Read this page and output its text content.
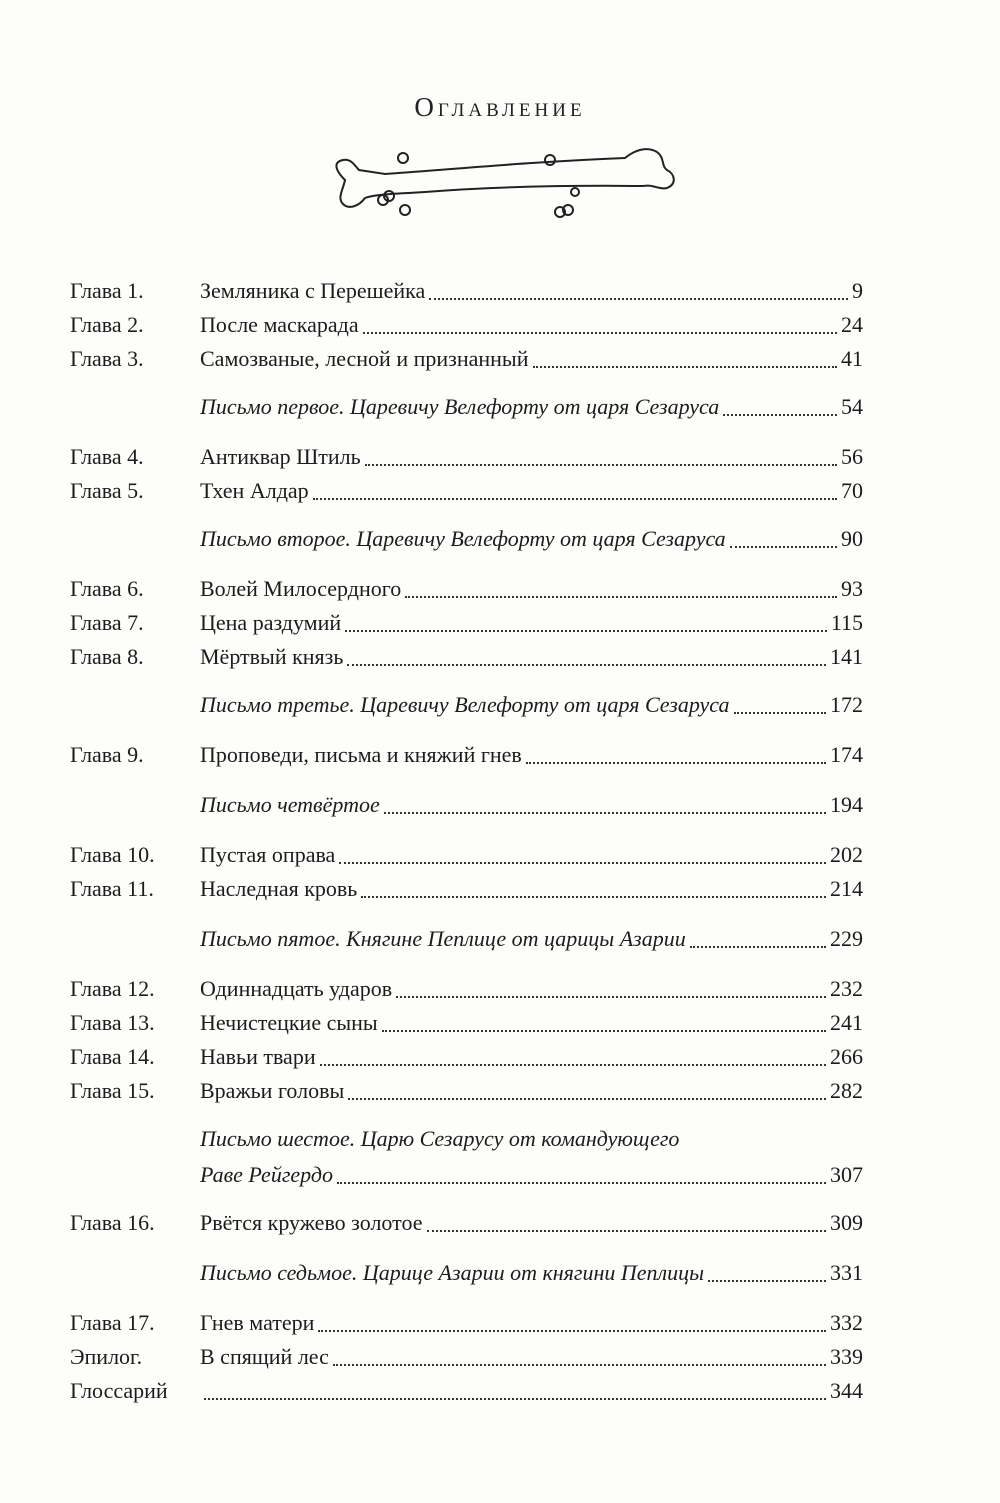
Оглавление
Глава 1.	Земляника с Перешейка	9
Глава 2.	После маскарада	24
Глава 3.	Самозваные, лесной и признанный	41
Письмо первое. Царевичу Велефорту от царя Сезаруса	54
Глава 4.	Антиквар Штиль	56
Глава 5.	Тхен Алдар	70
Письмо второе. Царевичу Велефорту от царя Сезаруса	90
Глава 6.	Волей Милосердного	93
Глава 7.	Цена раздумий	115
Глава 8.	Мёртвый князь	141
Письмо третье. Царевичу Велефорту от царя Сезаруса	172
Глава 9.	Проповеди, письма и княжий гнев	174
Письмо четвёртое	194
Глава 10.	Пустая оправа	202
Глава 11.	Наследная кровь	214
Письмо пятое. Княгине Пеплице от царицы Азарии	229
Глава 12.	Одиннадцать ударов	232
Глава 13.	Нечистецкие сыны	241
Глава 14.	Навьи твари	266
Глава 15.	Вражьи головы	282
Письмо шестое. Царю Сезарусу от командующего
Раве Рейгердо	307
Глава 16.	Рвётся кружево золотое	309
Письмо седьмое. Царице Азарии от княгини Пеплицы	331
Глава 17.	Гнев матери	332
Эпилог.	В спящий лес	339
Глоссарий	344
